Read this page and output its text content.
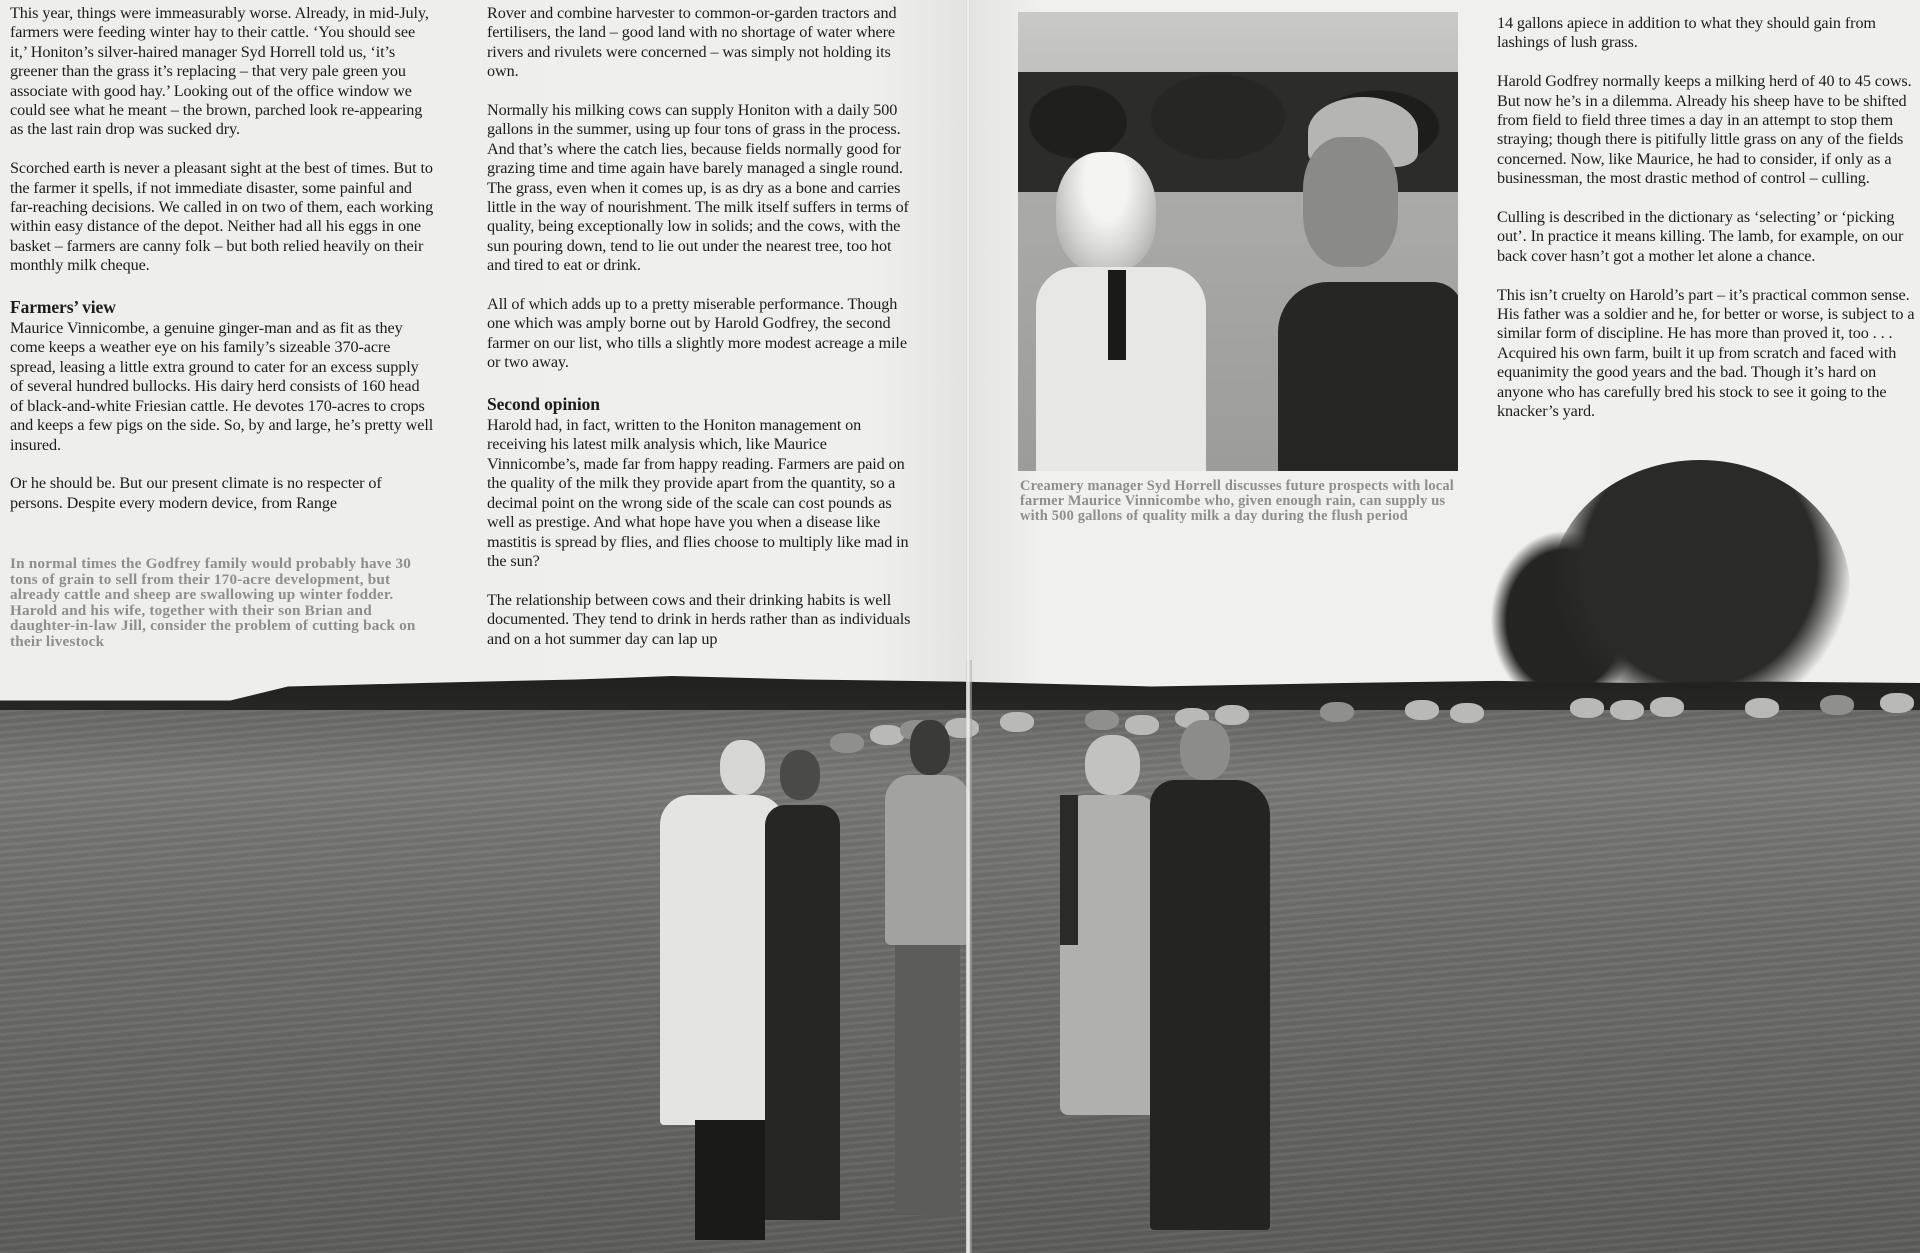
This year, things were immeasurably worse. Already, in mid-July, farmers were feeding winter hay to their cattle. ‘You should see it,’ Honiton’s silver-haired manager Syd Horrell told us, ‘it’s greener than the grass it’s replacing – that very pale green you associate with good hay.’ Looking out of the office window we could see what he meant – the brown, parched look re-appearing as the last rain drop was sucked dry.

Scorched earth is never a pleasant sight at the best of times. But to the farmer it spells, if not immediate disaster, some painful and far-reaching decisions. We called in on two of them, each working within easy distance of the depot. Neither had all his eggs in one basket – farmers are canny folk – but both relied heavily on their monthly milk cheque.

Farmers’ view

Maurice Vinnicombe, a genuine ginger-man and as fit as they come keeps a weather eye on his family’s sizeable 370-acre spread, leasing a little extra ground to cater for an excess supply of several hundred bullocks. His dairy herd consists of 160 head of black-and-white Friesian cattle. He devotes 170-acres to crops and keeps a few pigs on the side. So, by and large, he’s pretty well insured.

Or he should be. But our present climate is no respecter of persons. Despite every modern device, from Range

In normal times the Godfrey family would probably have 30 tons of grain to sell from their 170-acre development, but already cattle and sheep are swallowing up winter fodder. Harold and his wife, together with their son Brian and daughter-in-law Jill, consider the problem of cutting back on their livestock

Rover and combine harvester to common-or-garden tractors and fertilisers, the land – good land with no shortage of water where rivers and rivulets were concerned – was simply not holding its own.

Normally his milking cows can supply Honiton with a daily 500 gallons in the summer, using up four tons of grass in the process. And that’s where the catch lies, because fields normally good for grazing time and time again have barely managed a single round. The grass, even when it comes up, is as dry as a bone and carries little in the way of nourishment. The milk itself suffers in terms of quality, being exceptionally low in solids; and the cows, with the sun pouring down, tend to lie out under the nearest tree, too hot and tired to eat or drink.

All of which adds up to a pretty miserable performance. Though one which was amply borne out by Harold Godfrey, the second farmer on our list, who tills a slightly more modest acreage a mile or two away.

Second opinion

Harold had, in fact, written to the Honiton management on receiving his latest milk analysis which, like Maurice Vinnicombe’s, made far from happy reading. Farmers are paid on the quality of the milk they provide apart from the quantity, so a decimal point on the wrong side of the scale can cost pounds as well as prestige. And what hope have you when a disease like mastitis is spread by flies, and flies choose to multiply like mad in the sun?

The relationship between cows and their drinking habits is well documented. They tend to drink in herds rather than as individuals and on a hot summer day can lap up

Creamery manager Syd Horrell discusses future prospects with local farmer Maurice Vinnicombe who, given enough rain, can supply us with 500 gallons of quality milk a day during the flush period

14 gallons apiece in addition to what they should gain from lashings of lush grass.

Harold Godfrey normally keeps a milking herd of 40 to 45 cows. But now he’s in a dilemma. Already his sheep have to be shifted from field to field three times a day in an attempt to stop them straying; though there is pitifully little grass on any of the fields concerned. Now, like Maurice, he had to consider, if only as a businessman, the most drastic method of control – culling.

Culling is described in the dictionary as ‘selecting’ or ‘picking out’. In practice it means killing. The lamb, for example, on our back cover hasn’t got a mother let alone a chance.

This isn’t cruelty on Harold’s part – it’s practical common sense. His father was a soldier and he, for better or worse, is subject to a similar form of discipline. He has more than proved it, too . . . Acquired his own farm, built it up from scratch and faced with equanimity the good years and the bad. Though it’s hard on anyone who has carefully bred his stock to see it going to the knacker’s yard.
